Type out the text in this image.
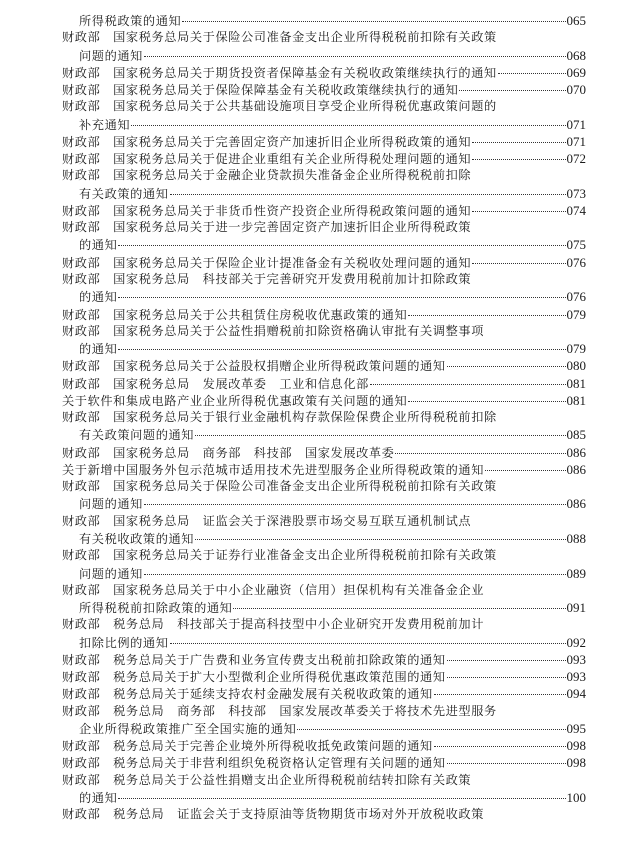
所得税政策的通知	065
财政部　国家税务总局关于保险公司准备金支出企业所得税税前扣除有关政策
问题的通知	068
财政部　国家税务总局关于期货投资者保障基金有关税收政策继续执行的通知	069
财政部　国家税务总局关于保险保障基金有关税收政策继续执行的通知	070
财政部　国家税务总局关于公共基础设施项目享受企业所得税优惠政策问题的
补充通知	071
财政部　国家税务总局关于完善固定资产加速折旧企业所得税政策的通知	071
财政部　国家税务总局关于促进企业重组有关企业所得税处理问题的通知	072
财政部　国家税务总局关于金融企业贷款损失准备金企业所得税税前扣除
有关政策的通知	073
财政部　国家税务总局关于非货币性资产投资企业所得税政策问题的通知	074
财政部　国家税务总局关于进一步完善固定资产加速折旧企业所得税政策
的通知	075
财政部　国家税务总局关于保险企业计提准备金有关税收处理问题的通知	076
财政部　国家税务总局　科技部关于完善研究开发费用税前加计扣除政策
的通知	076
财政部　国家税务总局关于公共租赁住房税收优惠政策的通知	079
财政部　国家税务总局关于公益性捐赠税前扣除资格确认审批有关调整事项
的通知	079
财政部　国家税务总局关于公益股权捐赠企业所得税政策问题的通知	080
财政部　国家税务总局　发展改革委　工业和信息化部	081
关于软件和集成电路产业企业所得税优惠政策有关问题的通知	081
财政部　国家税务总局关于银行业金融机构存款保险保费企业所得税税前扣除
有关政策问题的通知	085
财政部　国家税务总局　商务部　科技部　国家发展改革委	086
关于新增中国服务外包示范城市适用技术先进型服务企业所得税政策的通知	086
财政部　国家税务总局关于保险公司准备金支出企业所得税税前扣除有关政策
问题的通知	086
财政部　国家税务总局　证监会关于深港股票市场交易互联互通机制试点
有关税收政策的通知	088
财政部　国家税务总局关于证券行业准备金支出企业所得税税前扣除有关政策
问题的通知	089
财政部　国家税务总局关于中小企业融资（信用）担保机构有关准备金企业
所得税税前扣除政策的通知	091
财政部　税务总局　科技部关于提高科技型中小企业研究开发费用税前加计
扣除比例的通知	092
财政部　税务总局关于广告费和业务宣传费支出税前扣除政策的通知	093
财政部　税务总局关于扩大小型微利企业所得税优惠政策范围的通知	093
财政部　税务总局关于延续支持农村金融发展有关税收政策的通知	094
财政部　税务总局　商务部　科技部　国家发展改革委关于将技术先进型服务
企业所得税政策推广至全国实施的通知	095
财政部　税务总局关于完善企业境外所得税收抵免政策问题的通知	098
财政部　税务总局关于非营利组织免税资格认定管理有关问题的通知	098
财政部　税务总局关于公益性捐赠支出企业所得税税前结转扣除有关政策
的通知	100
财政部　税务总局　证监会关于支持原油等货物期货市场对外开放税收政策
